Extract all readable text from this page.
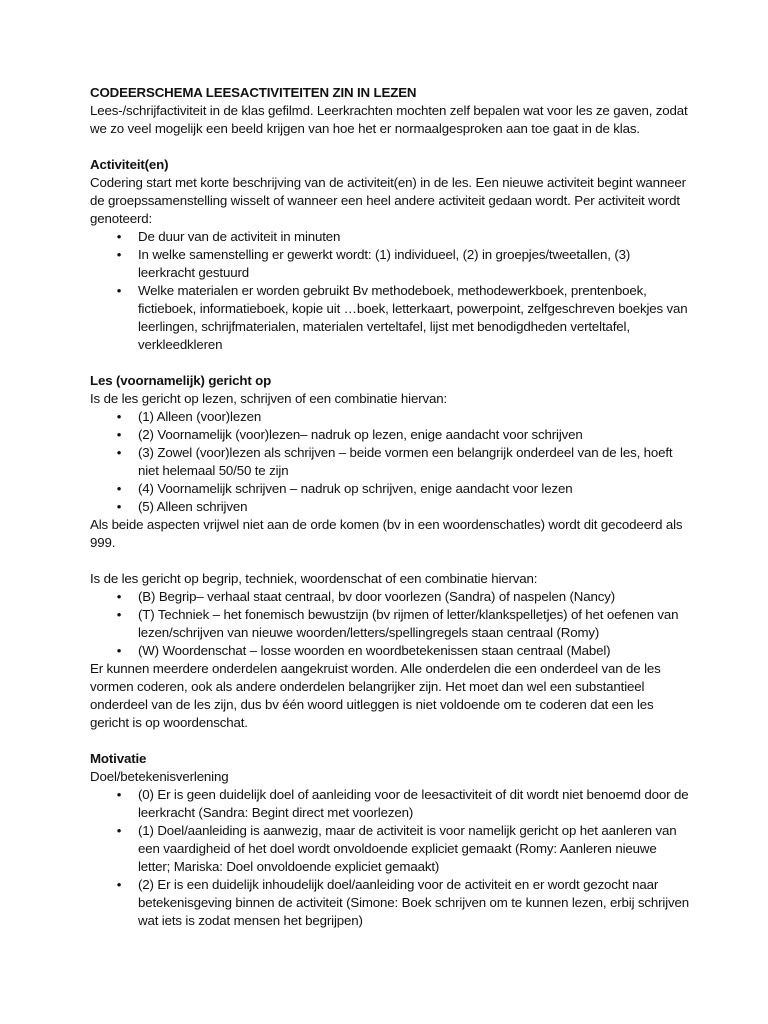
CODEERSCHEMA LEESACTIVITEITEN ZIN IN LEZEN
Lees-/schrijfactiviteit in de klas gefilmd. Leerkrachten mochten zelf bepalen wat voor les ze gaven, zodat we zo veel mogelijk een beeld krijgen van hoe het er normaalgesproken aan toe gaat in de klas.
Activiteit(en)
Codering start met korte beschrijving van de activiteit(en) in de les. Een nieuwe activiteit begint wanneer de groepssamenstelling wisselt of wanneer een heel andere activiteit gedaan wordt. Per activiteit wordt genoteerd:
• De duur van de activiteit in minuten
• In welke samenstelling er gewerkt wordt: (1) individueel, (2) in groepjes/tweetallen, (3) leerkracht gestuurd
• Welke materialen er worden gebruikt Bv methodeboek, methodewerkboek, prentenboek, fictieboek, informatieboek, kopie uit …boek, letterkaart, powerpoint, zelfgeschreven boekjes van leerlingen, schrijfmaterialen, materialen verteltafel, lijst met benodigdheden verteltafel, verkleedkleren
Les (voornamelijk) gericht op
Is de les gericht op lezen, schrijven of een combinatie hiervan:
• (1) Alleen (voor)lezen
• (2) Voornamelijk (voor)lezen– nadruk op lezen, enige aandacht voor schrijven
• (3) Zowel (voor)lezen als schrijven – beide vormen een belangrijk onderdeel van de les, hoeft niet helemaal 50/50 te zijn
• (4) Voornamelijk schrijven – nadruk op schrijven, enige aandacht voor lezen
• (5) Alleen schrijven
Als beide aspecten vrijwel niet aan de orde komen (bv in een woordenschatles) wordt dit gecodeerd als 999.
Is de les gericht op begrip, techniek, woordenschat of een combinatie hiervan:
• (B) Begrip– verhaal staat centraal, bv door voorlezen (Sandra) of naspelen (Nancy)
• (T) Techniek – het fonemisch bewustzijn (bv rijmen of letter/klankspelletjes) of het oefenen van lezen/schrijven van nieuwe woorden/letters/spellingregels staan centraal (Romy)
• (W) Woordenschat – losse woorden en woordbetekenissen staan centraal (Mabel)
Er kunnen meerdere onderdelen aangekruist worden. Alle onderdelen die een onderdeel van de les vormen coderen, ook als andere onderdelen belangrijker zijn. Het moet dan wel een substantieel onderdeel van de les zijn, dus bv één woord uitleggen is niet voldoende om te coderen dat een les gericht is op woordenschat.
Motivatie
Doel/betekenisverlening
• (0) Er is geen duidelijk doel of aanleiding voor de leesactiviteit of dit wordt niet benoemd door de leerkracht (Sandra: Begint direct met voorlezen)
• (1) Doel/aanleiding is aanwezig, maar de activiteit is voor namelijk gericht op het aanleren van een vaardigheid of het doel wordt onvoldoende expliciet gemaakt (Romy: Aanleren nieuwe letter; Mariska: Doel onvoldoende expliciet gemaakt)
• (2) Er is een duidelijk inhoudelijk doel/aanleiding voor de activiteit en er wordt gezocht naar betekenisgeving binnen de activiteit (Simone: Boek schrijven om te kunnen lezen, erbij schrijven wat iets is zodat mensen het begrijpen)
